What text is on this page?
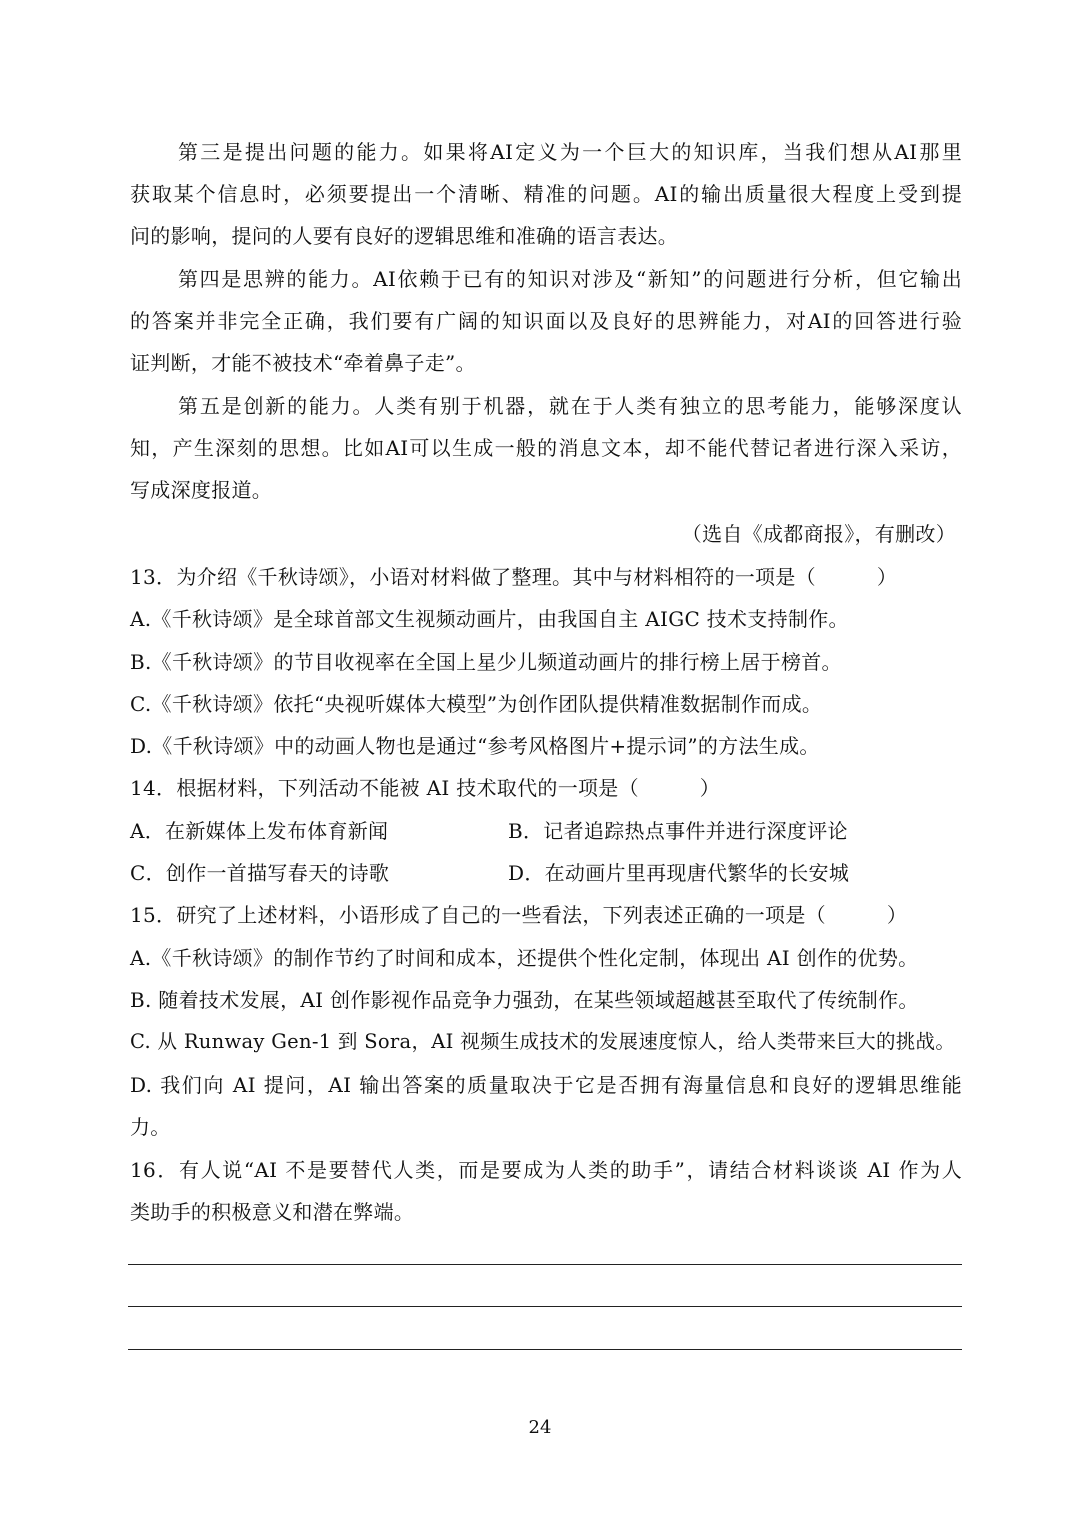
第三是提出问题的能力。如果将AI定义为一个巨大的知识库，当我们想从AI那里
获取某个信息时，必须要提出一个清晰、精准的问题。AI的输出质量很大程度上受到提
问的影响，提问的人要有良好的逻辑思维和准确的语言表达。
第四是思辨的能力。AI依赖于已有的知识对涉及“新知”的问题进行分析，但它输出
的答案并非完全正确，我们要有广阔的知识面以及良好的思辨能力，对AI的回答进行验
证判断，才能不被技术“牵着鼻子走”。
第五是创新的能力。人类有别于机器，就在于人类有独立的思考能力，能够深度认
知，产生深刻的思想。比如AI可以生成一般的消息文本，却不能代替记者进行深入采访，
写成深度报道。
（选自《成都商报》，有删改）
13．为介绍《千秋诗颂》，小语对材料做了整理。其中与材料相符的一项是（　　　）
A.《千秋诗颂》是全球首部文生视频动画片，由我国自主 AIGC 技术支持制作。
B.《千秋诗颂》的节目收视率在全国上星少儿频道动画片的排行榜上居于榜首。
C.《千秋诗颂》依托“央视听媒体大模型”为创作团队提供精准数据制作而成。
D.《千秋诗颂》中的动画人物也是通过“参考风格图片+提示词”的方法生成。
14．根据材料，下列活动不能被 AI 技术取代的一项是（　　　）
A．在新媒体上发布体育新闻	B．记者追踪热点事件并进行深度评论
C．创作一首描写春天的诗歌	D．在动画片里再现唐代繁华的长安城
15．研究了上述材料，小语形成了自己的一些看法，下列表述正确的一项是（　　　）
A.《千秋诗颂》的制作节约了时间和成本，还提供个性化定制，体现出 AI 创作的优势。
B. 随着技术发展，AI 创作影视作品竞争力强劲，在某些领域超越甚至取代了传统制作。
C. 从 Runway Gen-1 到 Sora，AI 视频生成技术的发展速度惊人，给人类带来巨大的挑战。
D. 我们向 AI 提问，AI 输出答案的质量取决于它是否拥有海量信息和良好的逻辑思维能
力。
16．有人说“AI 不是要替代人类，而是要成为人类的助手”，请结合材料谈谈 AI 作为人
类助手的积极意义和潜在弊端。
24
